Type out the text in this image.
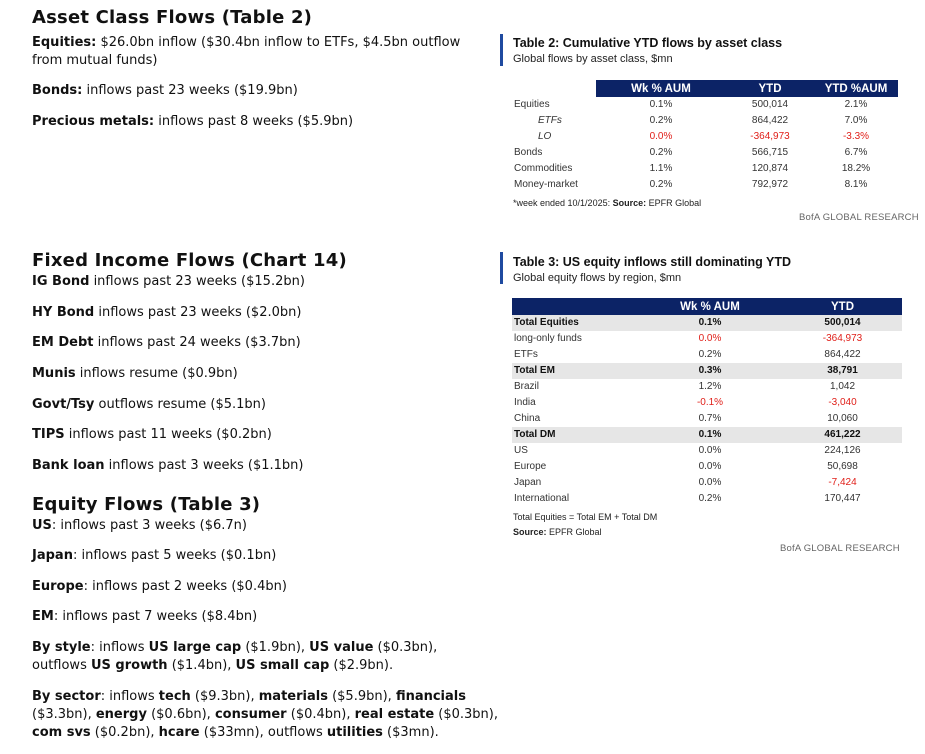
Asset Class Flows (Table 2)
Equities: $26.0bn inflow ($30.4bn inflow to ETFs, $4.5bn outflow from mutual funds)
Bonds: inflows past 23 weeks ($19.9bn)
Precious metals: inflows past 8 weeks ($5.9bn)
Fixed Income Flows (Chart 14)
IG Bond inflows past 23 weeks ($15.2bn)
HY Bond inflows past 23 weeks ($2.0bn)
EM Debt inflows past 24 weeks ($3.7bn)
Munis inflows resume ($0.9bn)
Govt/Tsy outflows resume ($5.1bn)
TIPS inflows past 11 weeks ($0.2bn)
Bank loan inflows past 3 weeks ($1.1bn)
Equity Flows (Table 3)
US: inflows past 3 weeks ($6.7n)
Japan: inflows past 5 weeks ($0.1bn)
Europe: inflows past 2 weeks ($0.4bn)
EM: inflows past 7 weeks ($8.4bn)
By style: inflows US large cap ($1.9bn), US value ($0.3bn),
outflows US growth ($1.4bn), US small cap ($2.9bn).
By sector: inflows tech ($9.3bn), materials ($5.9bn), financials
($3.3bn), energy ($0.6bn), consumer ($0.4bn), real estate ($0.3bn),
com svs ($0.2bn), hcare ($33mn), outflows utilities ($3mn).
Table 2: Cumulative YTD flows by asset class
Global flows by asset class, $mn
	Wk % AUM	YTD	YTD %AUM
Equities	0.1%	500,014	2.1%
ETFs	0.2%	864,422	7.0%
LO	0.0%	-364,973	-3.3%
Bonds	0.2%	566,715	6.7%
Commodities	1.1%	120,874	18.2%
Money-market	0.2%	792,972	8.1%
*week ended 10/1/2025: Source: EPFR Global
BofA GLOBAL RESEARCH
Table 3: US equity inflows still dominating YTD
Global equity flows by region, $mn
	Wk % AUM	YTD
Total Equities	0.1%	500,014
long-only funds	0.0%	-364,973
ETFs	0.2%	864,422
Total EM	0.3%	38,791
Brazil	1.2%	1,042
India	-0.1%	-3,040
China	0.7%	10,060
Total DM	0.1%	461,222
US	0.0%	224,126
Europe	0.0%	50,698
Japan	0.0%	-7,424
International	0.2%	170,447
Total Equities = Total EM + Total DM
Source: EPFR Global
BofA GLOBAL RESEARCH
